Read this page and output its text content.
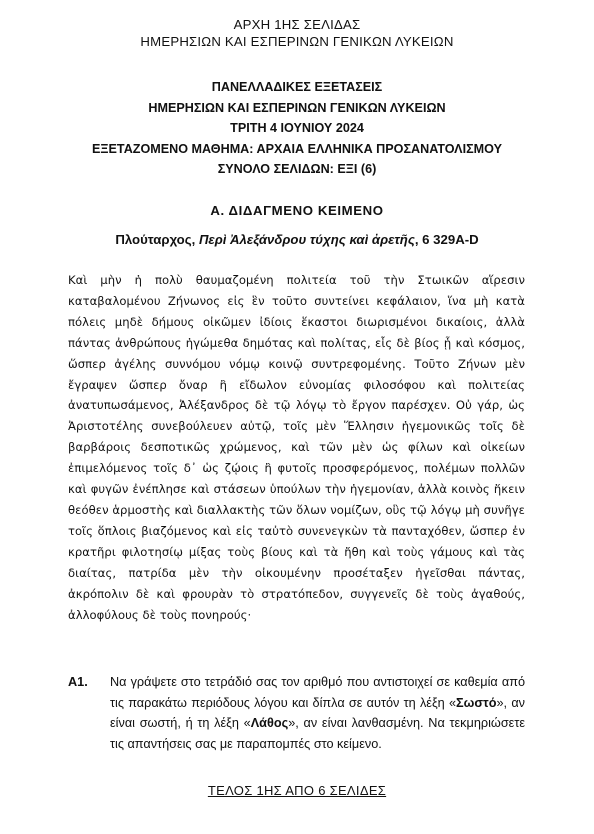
ΑΡΧΗ 1ΗΣ ΣΕΛΙΔΑΣ
ΗΜΕΡΗΣΙΩΝ ΚΑΙ ΕΣΠΕΡΙΝΩΝ ΓΕΝΙΚΩΝ ΛΥΚΕΙΩΝ
ΠΑΝΕΛΛΑΔΙΚΕΣ ΕΞΕΤΑΣΕΙΣ
ΗΜΕΡΗΣΙΩΝ ΚΑΙ ΕΣΠΕΡΙΝΩΝ ΓΕΝΙΚΩΝ ΛΥΚΕΙΩΝ
ΤΡΙΤΗ 4 ΙΟΥΝΙΟΥ 2024
ΕΞΕΤΑΖΟΜΕΝΟ ΜΑΘΗΜΑ: ΑΡΧΑΙΑ ΕΛΛΗΝΙΚΑ ΠΡΟΣΑΝΑΤΟΛΙΣΜΟΥ
ΣΥΝΟΛΟ ΣΕΛΙΔΩΝ: ΕΞΙ (6)
Α. ΔΙΔΑΓΜΕΝΟ ΚΕΙΜΕΝΟ
Πλούταρχος, Περὶ Ἀλεξάνδρου τύχης καὶ ἀρετῆς, 6 329A-D
Καὶ μὴν ἡ πολὺ θαυμαζομένη πολιτεία τοῦ τὴν Στωικῶν αἵρεσιν καταβαλομένου Ζήνωνος εἰς ἓν τοῦτο συντείνει κεφάλαιον, ἵνα μὴ κατὰ πόλεις μηδὲ δήμους οἰκῶμεν ἰδίοις ἕκαστοι διωρισμένοι δικαίοις, ἀλλὰ πάντας ἀνθρώπους ἡγώμεθα δημότας καὶ πολίτας, εἷς δὲ βίος ᾖ καὶ κόσμος, ὥσπερ ἀγέλης συννόμου νόμῳ κοινῷ συντρεφομένης. Τοῦτο Ζήνων μὲν ἔγραψεν ὥσπερ ὄναρ ἢ εἴδωλον εὐνομίας φιλοσόφου καὶ πολιτείας ἀνατυπωσάμενος, Ἀλέξανδρος δὲ τῷ λόγῳ τὸ ἔργον παρέσχεν. Οὐ γάρ, ὡς Ἀριστοτέλης συνεβούλευεν αὐτῷ, τοῖς μὲν Ἕλλησιν ἡγεμονικῶς τοῖς δὲ βαρβάροις δεσποτικῶς χρώμενος, καὶ τῶν μὲν ὡς φίλων καὶ οἰκείων ἐπιμελόμενος τοῖς δ᾽ ὡς ζῴοις ἢ φυτοῖς προσφερόμενος, πολέμων πολλῶν καὶ φυγῶν ἐνέπλησε καὶ στάσεων ὑπούλων τὴν ἡγεμονίαν, ἀλλὰ κοινὸς ἥκειν θεόθεν ἁρμοστὴς καὶ διαλλακτὴς τῶν ὅλων νομίζων, οὓς τῷ λόγῳ μὴ συνῆγε τοῖς ὅπλοις βιαζόμενος καὶ εἰς ταὐτὸ συνενεγκὼν τὰ πανταχόθεν, ὥσπερ ἐν κρατῆρι φιλοτησίῳ μίξας τοὺς βίους καὶ τὰ ἤθη καὶ τοὺς γάμους καὶ τὰς διαίτας, πατρίδα μὲν τὴν οἰκουμένην προσέταξεν ἡγεῖσθαι πάντας, ἀκρόπολιν δὲ καὶ φρουρὰν τὸ στρατόπεδον, συγγενεῖς δὲ τοὺς ἀγαθούς, ἀλλοφύλους δὲ τοὺς πονηρούς·
Α1. Να γράψετε στο τετράδιό σας τον αριθμό που αντιστοιχεί σε καθεμία από τις παρακάτω περιόδους λόγου και δίπλα σε αυτόν τη λέξη «Σωστό», αν είναι σωστή, ή τη λέξη «Λάθος», αν είναι λανθασμένη. Να τεκμηριώσετε τις απαντήσεις σας με παραπομπές στο κείμενο.
ΤΕΛΟΣ 1ΗΣ ΑΠΟ 6 ΣΕΛΙΔΕΣ
